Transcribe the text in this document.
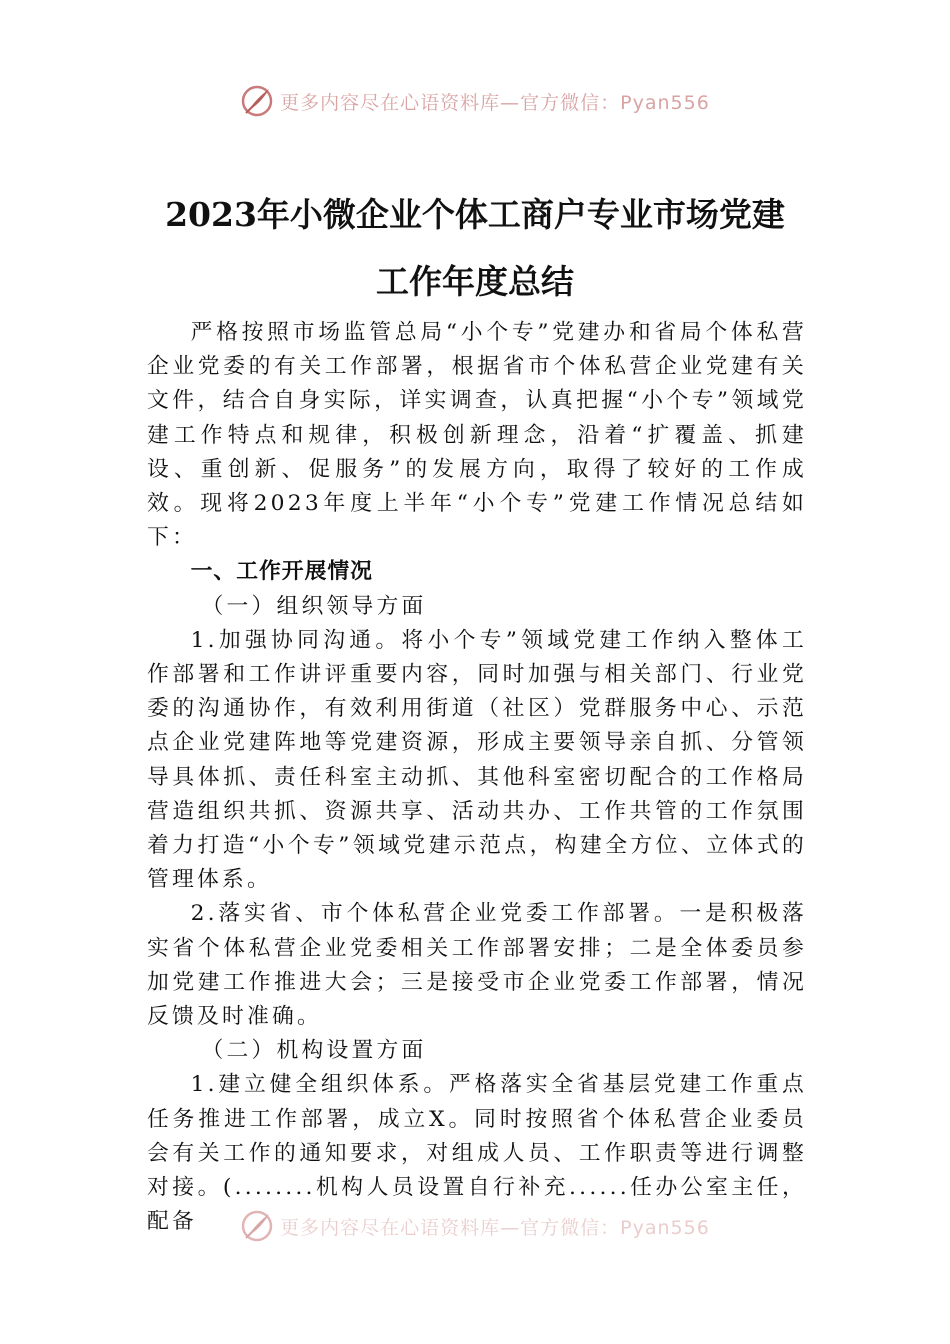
更多内容尽在心语资料库—官方微信：Pyan556
2023年小微企业个体工商户专业市场党建
工作年度总结

严格按照市场监管总局“小个专”党建办和省局个体私营企业党委的有关工作部署，根据省市个体私营企业党建有关文件，结合自身实际，详实调查，认真把握“小个专”领域党建工作特点和规律，积极创新理念，沿着“扩覆盖、抓建设、重创新、促服务”的发展方向，取得了较好的工作成效。现将2023年度上半年“小个专”党建工作情况总结如下：

一、工作开展情况

（一）组织领导方面

1.加强协同沟通。将小个专”领域党建工作纳入整体工作部署和工作讲评重要内容，同时加强与相关部门、行业党委的沟通协作，有效利用街道（社区）党群服务中心、示范点企业党建阵地等党建资源，形成主要领导亲自抓、分管领导具体抓、责任科室主动抓、其他科室密切配合的工作格局营造组织共抓、资源共享、活动共办、工作共管的工作氛围着力打造“小个专”领域党建示范点，构建全方位、立体式的管理体系。

2.落实省、市个体私营企业党委工作部署。一是积极落实省个体私营企业党委相关工作部署安排；二是全体委员参加党建工作推进大会；三是接受市企业党委工作部署，情况反馈及时准确。

（二）机构设置方面

1.建立健全组织体系。严格落实全省基层党建工作重点任务推进工作部署，成立X。同时按照省个体私营企业委员会有关工作的通知要求，对组成人员、工作职责等进行调整对接。(........机构人员设置自行补充......任办公室主任，配备	更多内容尽在心语资料库—官方微信：Pyan556
